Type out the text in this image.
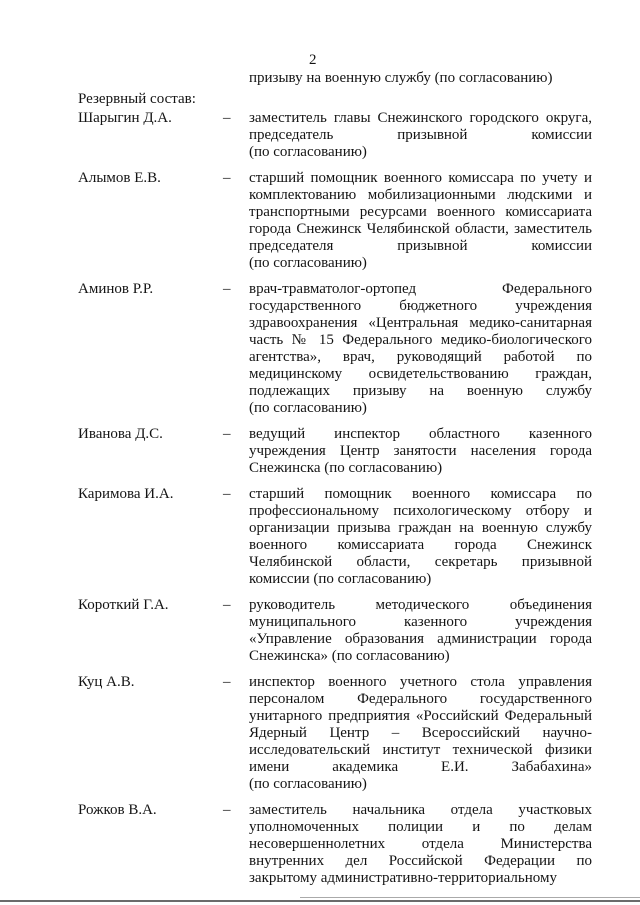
2
призыву на военную службу (по согласованию)
Резервный состав:
Шарыгин Д.А.	– заместитель главы Снежинского городского округа,
председатель призывной комиссии
(по согласованию)
Алымов Е.В.	– старший помощник военного комиссара по учету и
комплектованию мобилизационными людскими и
транспортными ресурсами военного комиссариата
города Снежинск Челябинской области, заместитель
председателя призывной комиссии
(по согласованию)
Аминов Р.Р.	– врач-травматолог-ортопед Федерального
государственного бюджетного учреждения
здравоохранения «Центральная медико-санитарная
часть № 15 Федерального медико-биологического
агентства», врач, руководящий работой по
медицинскому освидетельствованию граждан,
подлежащих призыву на военную службу
(по согласованию)
Иванова Д.С.	– ведущий инспектор областного казенного
учреждения Центр занятости населения города
Снежинска (по согласованию)
Каримова И.А.	– старший помощник военного комиссара по
профессиональному психологическому отбору и
организации призыва граждан на военную службу
военного комиссариата города Снежинск
Челябинской области, секретарь призывной
комиссии (по согласованию)
Короткий Г.А.	– руководитель методического объединения
муниципального казенного учреждения
«Управление образования администрации города
Снежинска» (по согласованию)
Куц А.В.	– инспектор военного учетного стола управления
персоналом Федерального государственного
унитарного предприятия «Российский Федеральный
Ядерный Центр – Всероссийский научно-
исследовательский институт технической физики
имени академика Е.И. Забабахина»
(по согласованию)
Рожков В.А.	– заместитель начальника отдела участковых
уполномоченных полиции и по делам
несовершеннолетних отдела Министерства
внутренних дел Российской Федерации по
закрытому административно-территориальному
